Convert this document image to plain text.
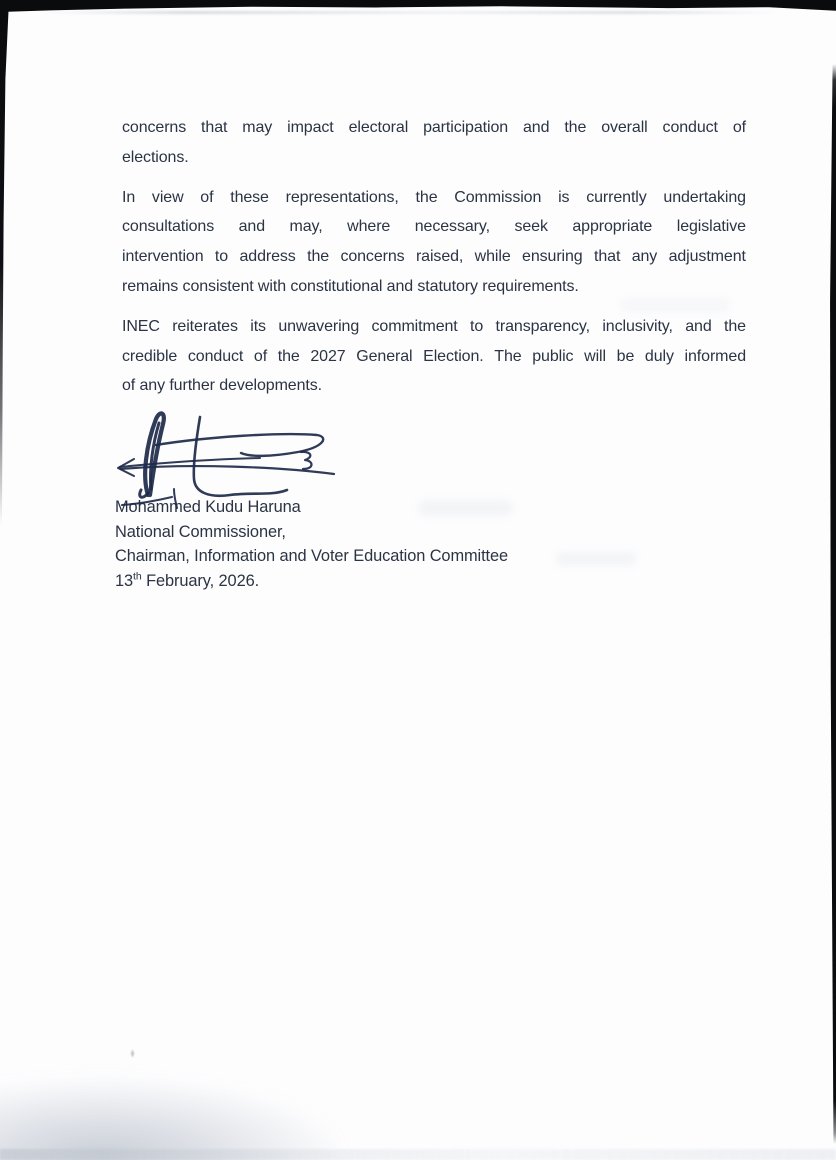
concerns that may impact electoral participation and the overall conduct of
elections.

In view of these representations, the Commission is currently undertaking
consultations and may, where necessary, seek appropriate legislative
intervention to address the concerns raised, while ensuring that any adjustment
remains consistent with constitutional and statutory requirements.

INEC reiterates its unwavering commitment to transparency, inclusivity, and the
credible conduct of the 2027 General Election. The public will be duly informed
of any further developments.

Mohammed Kudu Haruna
National Commissioner,
Chairman, Information and Voter Education Committee
13th February, 2026.
